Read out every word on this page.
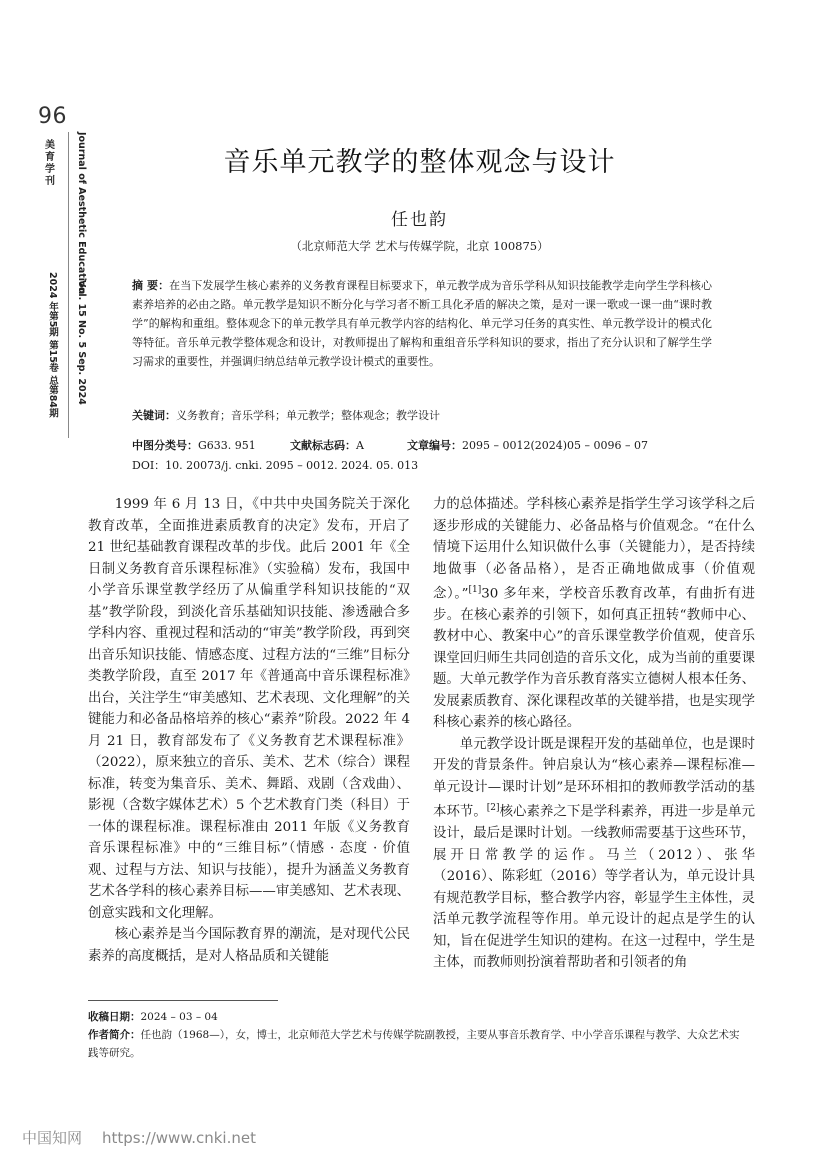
96
美育学刊	Journal of Aesthetic Education
Vol. 15 No. 5 Sep. 2024
2024 年第5期 第15卷 总第84期
音乐单元教学的整体观念与设计
任也韵
（北京师范大学 艺术与传媒学院，北京 100875）
摘 要：在当下发展学生核心素养的义务教育课程目标要求下，单元教学成为音乐学科从知识技能教学走向学生学科核心素养培养的必由之路。单元教学是知识不断分化与学习者不断工具化矛盾的解决之策，是对一课一歌或一课一曲“课时教学”的解构和重组。整体观念下的单元教学具有单元教学内容的结构化、单元学习任务的真实性、单元教学设计的模式化等特征。音乐单元教学整体观念和设计，对教师提出了解构和重组音乐学科知识的要求，指出了充分认识和了解学生学习需求的重要性，并强调归纳总结单元教学设计模式的重要性。
关键词：义务教育；音乐学科；单元教学；整体观念；教学设计
中图分类号：G633. 951	文献标志码：A	文章编号：2095 – 0012(2024)05 – 0096 – 07
DOI：10. 20073/j. cnki. 2095 – 0012. 2024. 05. 013

1999 年 6 月 13 日，《中共中央国务院关于深化教育改革，全面推进素质教育的决定》发布，开启了 21 世纪基础教育课程改革的步伐。此后 2001 年《全日制义务教育音乐课程标准》（实验稿）发布，我国中小学音乐课堂教学经历了从偏重学科知识技能的“双基”教学阶段，到淡化音乐基础知识技能、渗透融合多学科内容、重视过程和活动的“审美”教学阶段，再到突出音乐知识技能、情感态度、过程方法的“三维”目标分类教学阶段，直至 2017 年《普通高中音乐课程标准》出台，关注学生“审美感知、艺术表现、文化理解”的关键能力和必备品格培养的核心“素养”阶段。2022 年 4 月 21 日，教育部发布了《义务教育艺术课程标准》（2022），原来独立的音乐、美术、艺术（综合）课程标准，转变为集音乐、美术、舞蹈、戏剧（含戏曲）、影视（含数字媒体艺术）5 个艺术教育门类（科目）于一体的课程标准。课程标准由 2011 年版《义务教育音乐课程标准》中的“三维目标”（情感 · 态度 · 价值观、过程与方法、知识与技能），提升为涵盖义务教育艺术各学科的核心素养目标——审美感知、艺术表现、创意实践和文化理解。

核心素养是当今国际教育界的潮流，是对现代公民素养的高度概括，是对人格品质和关键能

力的总体描述。学科核心素养是指学生学习该学科之后逐步形成的关键能力、必备品格与价值观念。“在什么情境下运用什么知识做什么事（关键能力），是否持续地做事（必备品格），是否正确地做成事（价值观念）。”[1]30 多年来，学校音乐教育改革，有曲折有进步。在核心素养的引领下，如何真正扭转“教师中心、教材中心、教案中心”的音乐课堂教学价值观，使音乐课堂回归师生共同创造的音乐文化，成为当前的重要课题。大单元教学作为音乐教育落实立德树人根本任务、发展素质教育、深化课程改革的关键举措，也是实现学科核心素养的核心路径。

单元教学设计既是课程开发的基础单位，也是课时开发的背景条件。钟启泉认为“核心素养—课程标准—单元设计—课时计划”是环环相扣的教师教学活动的基本环节。[2]核心素养之下是学科素养，再进一步是单元设计，最后是课时计划。一线教师需要基于这些环节，展开日常教学的运作。马兰（2012）、张华（2016）、陈彩虹（2016）等学者认为，单元设计具有规范教学目标，整合教学内容，彰显学生主体性，灵活单元教学流程等作用。单元设计的起点是学生的认知，旨在促进学生知识的建构。在这一过程中，学生是主体，而教师则扮演着帮助者和引领者的角

收稿日期：2024 – 03 – 04
作者简介：任也韵（1968—），女，博士，北京师范大学艺术与传媒学院副教授，主要从事音乐教育学、中小学音乐课程与教学、大众艺术实践等研究。
中国知网 https://www.cnki.net
